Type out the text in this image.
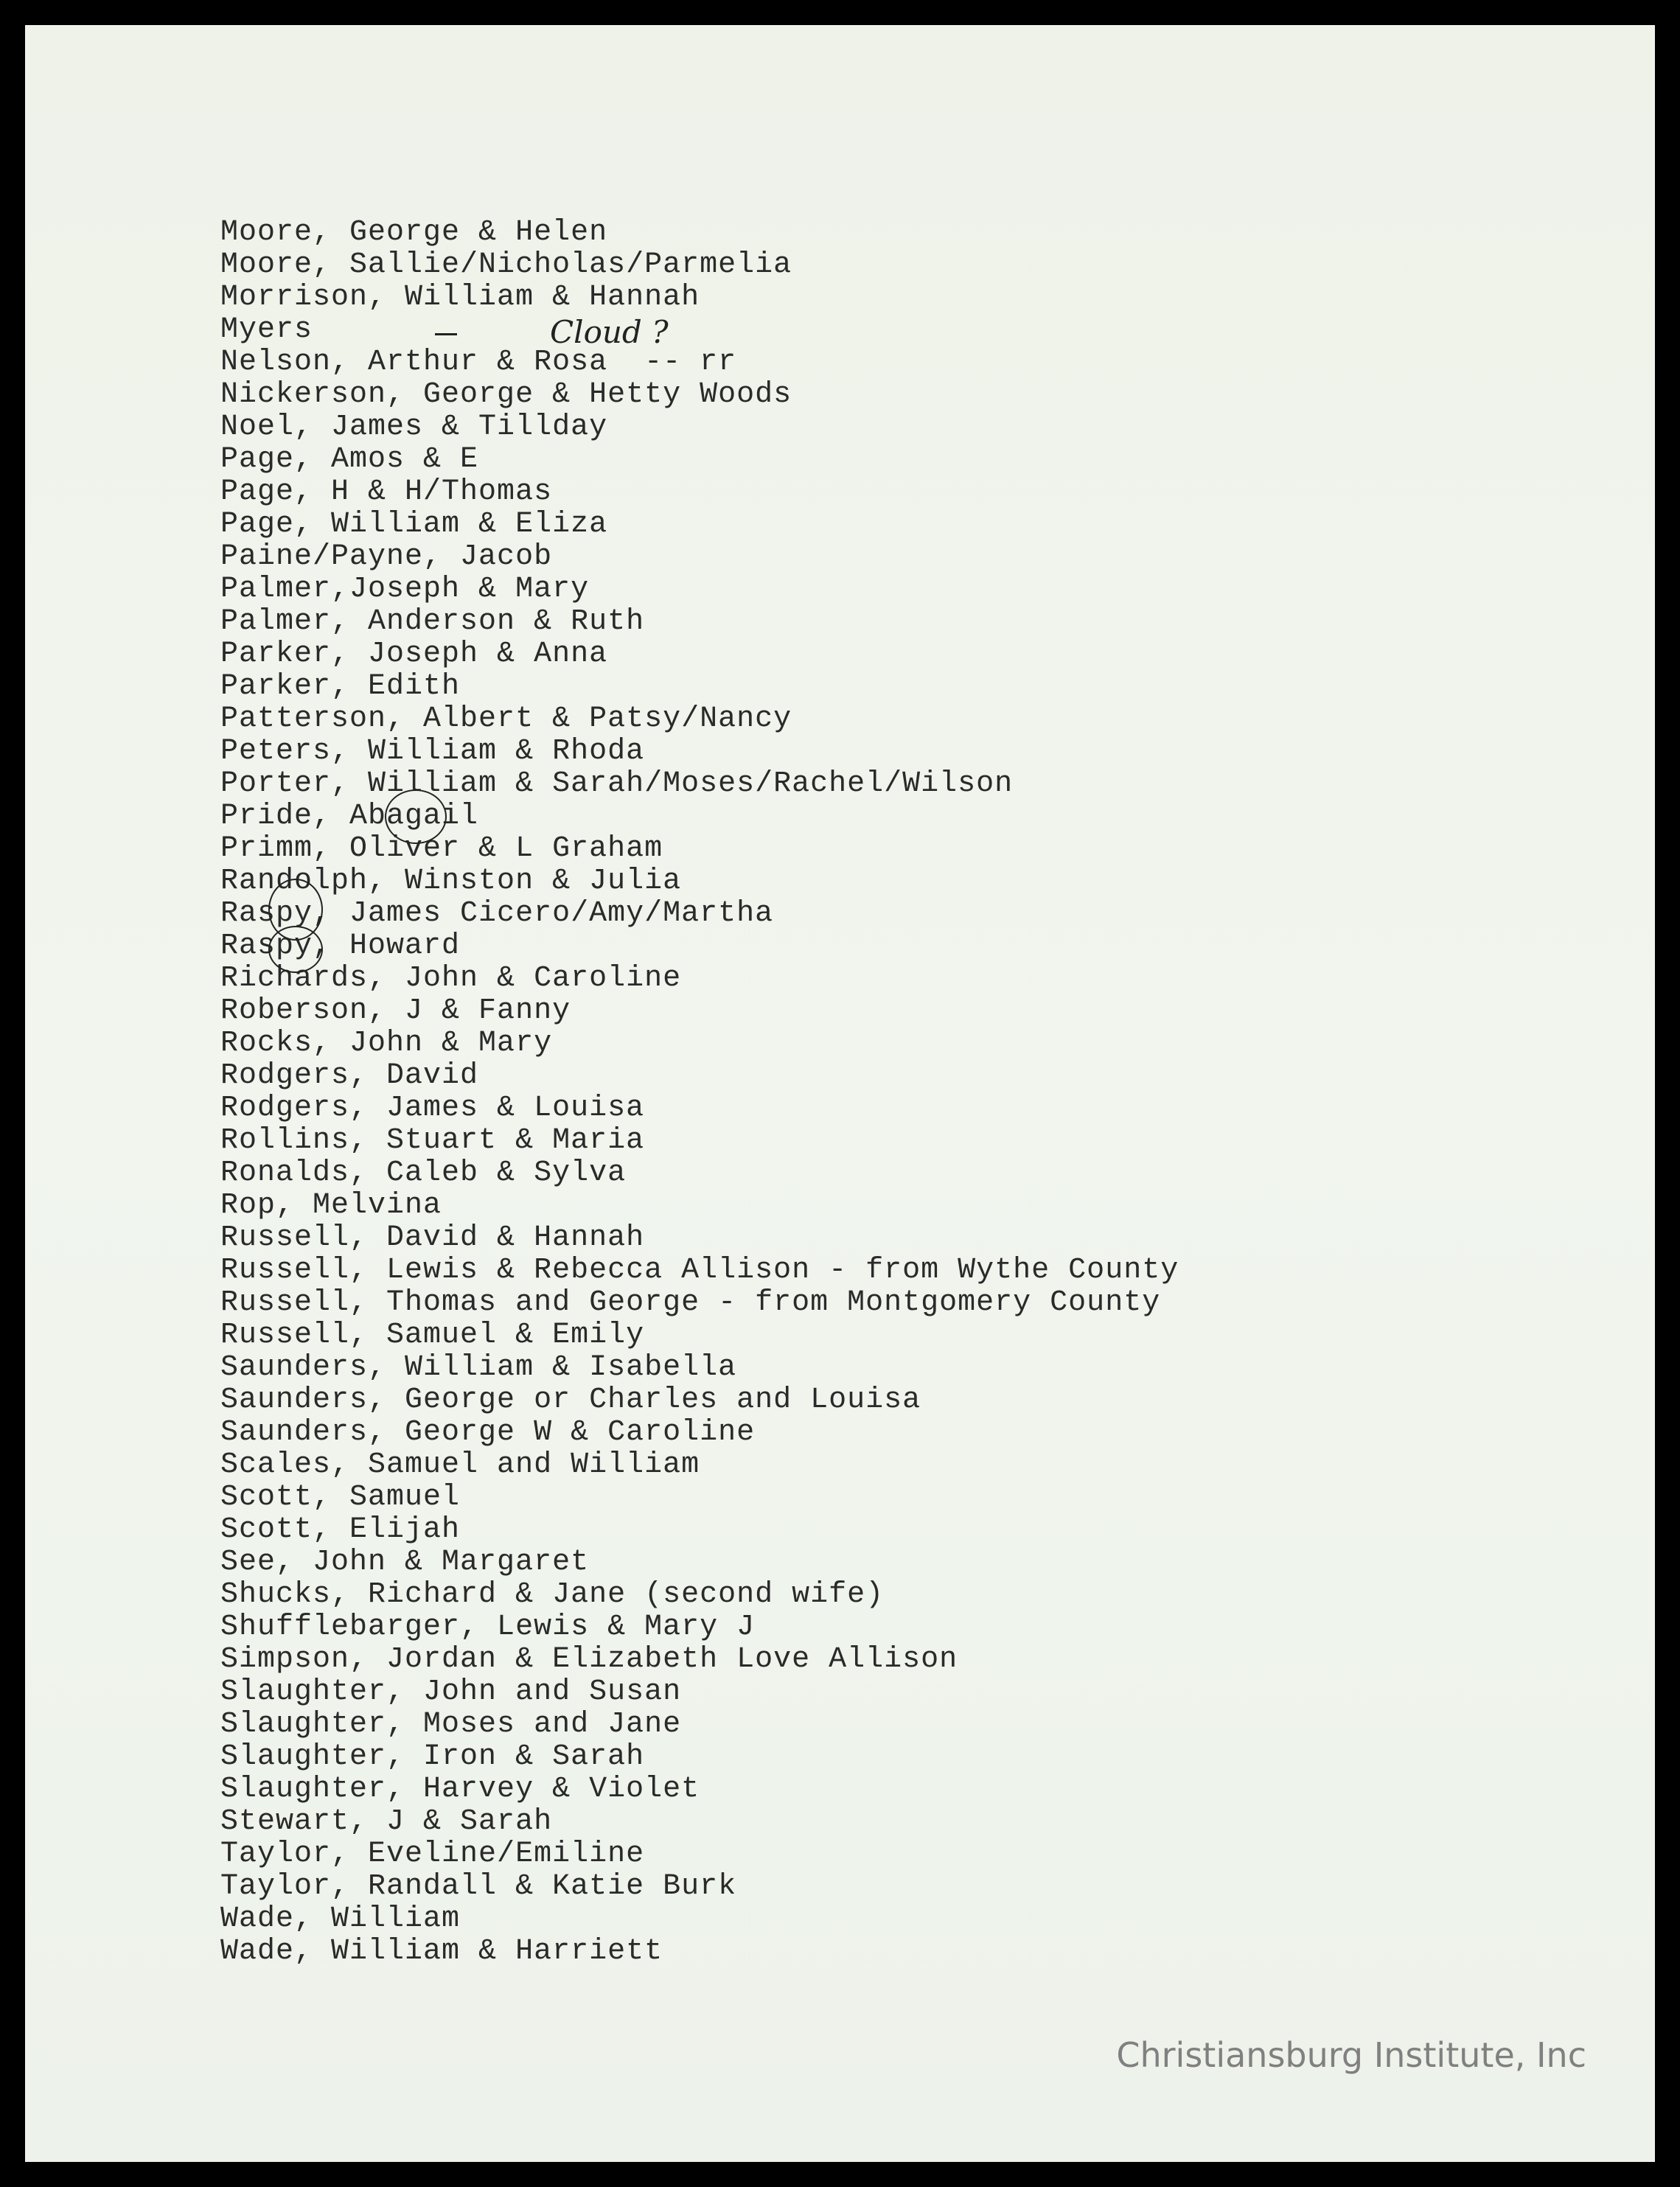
Moore, George & Helen
Moore, Sallie/Nicholas/Parmelia
Morrison, William & Hannah
Myers
Nelson, Arthur & Rosa  -- rr
Nickerson, George & Hetty Woods
Noel, James & Tillday
Page, Amos & E
Page, H & H/Thomas
Page, William & Eliza
Paine/Payne, Jacob
Palmer,Joseph & Mary
Palmer, Anderson & Ruth
Parker, Joseph & Anna
Parker, Edith
Patterson, Albert & Patsy/Nancy
Peters, William & Rhoda
Porter, William & Sarah/Moses/Rachel/Wilson
Pride, Abagail
Primm, Oliver & L Graham
Randolph, Winston & Julia
Raspy, James Cicero/Amy/Martha
Raspy, Howard
Richards, John & Caroline
Roberson, J & Fanny
Rocks, John & Mary
Rodgers, David
Rodgers, James & Louisa
Rollins, Stuart & Maria
Ronalds, Caleb & Sylva
Rop, Melvina
Russell, David & Hannah
Russell, Lewis & Rebecca Allison - from Wythe County
Russell, Thomas and George - from Montgomery County
Russell, Samuel & Emily
Saunders, William & Isabella
Saunders, George or Charles and Louisa
Saunders, George W & Caroline
Scales, Samuel and William
Scott, Samuel
Scott, Elijah
See, John & Margaret
Shucks, Richard & Jane (second wife)
Shufflebarger, Lewis & Mary J
Simpson, Jordan & Elizabeth Love Allison
Slaughter, John and Susan
Slaughter, Moses and Jane
Slaughter, Iron & Sarah
Slaughter, Harvey & Violet
Stewart, J & Sarah
Taylor, Eveline/Emiline
Taylor, Randall & Katie Burk
Wade, William
Wade, William & Harriett
Cloud ?
Christiansburg Institute, Inc
